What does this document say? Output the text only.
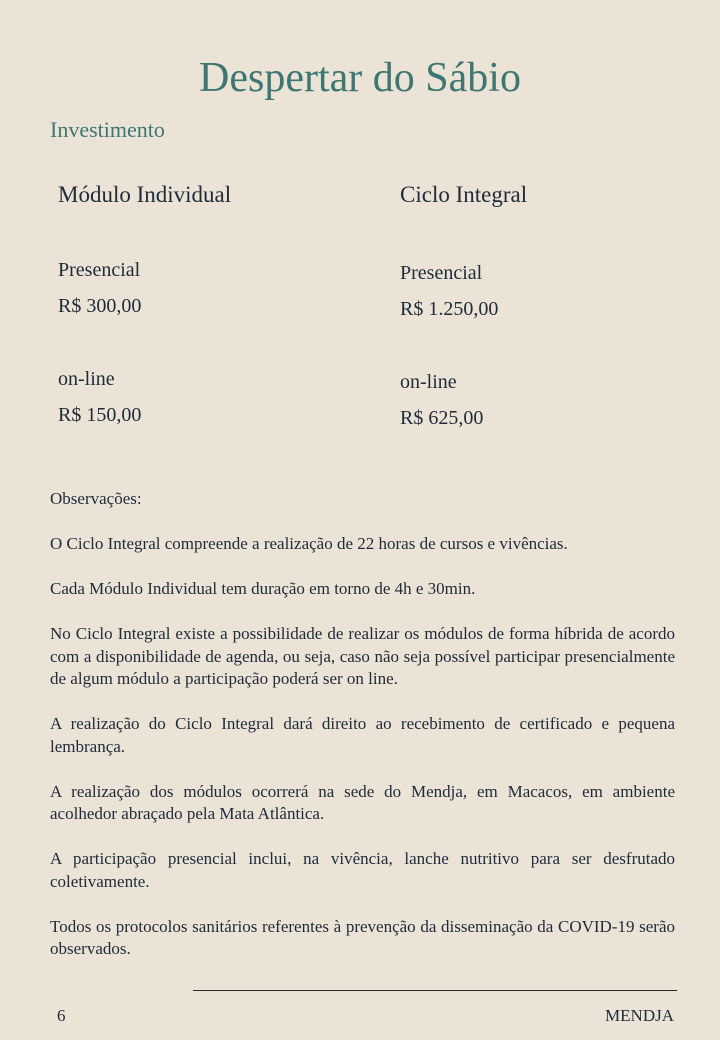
Despertar do Sábio
Investimento
Módulo Individual
Presencial
R$ 300,00
on-line
R$ 150,00
Ciclo Integral
Presencial
R$ 1.250,00
on-line
R$ 625,00

Observações:

O Ciclo Integral compreende a realização de 22 horas de cursos e vivências.

Cada Módulo Individual tem duração em torno de 4h e 30min.

No Ciclo Integral existe a possibilidade de realizar os módulos de forma híbrida de acordo com a disponibilidade de agenda, ou seja, caso não seja possível participar presencialmente de algum módulo a participação poderá ser on line.

A realização do Ciclo Integral dará direito ao recebimento de certificado e pequena lembrança.

A realização dos módulos ocorrerá na sede do Mendja, em Macacos, em ambiente acolhedor abraçado pela Mata Atlântica.

A participação presencial inclui, na vivência, lanche nutritivo para ser desfrutado coletivamente.

Todos os protocolos sanitários referentes à prevenção da disseminação da COVID-19 serão observados.

6	MENDJA
